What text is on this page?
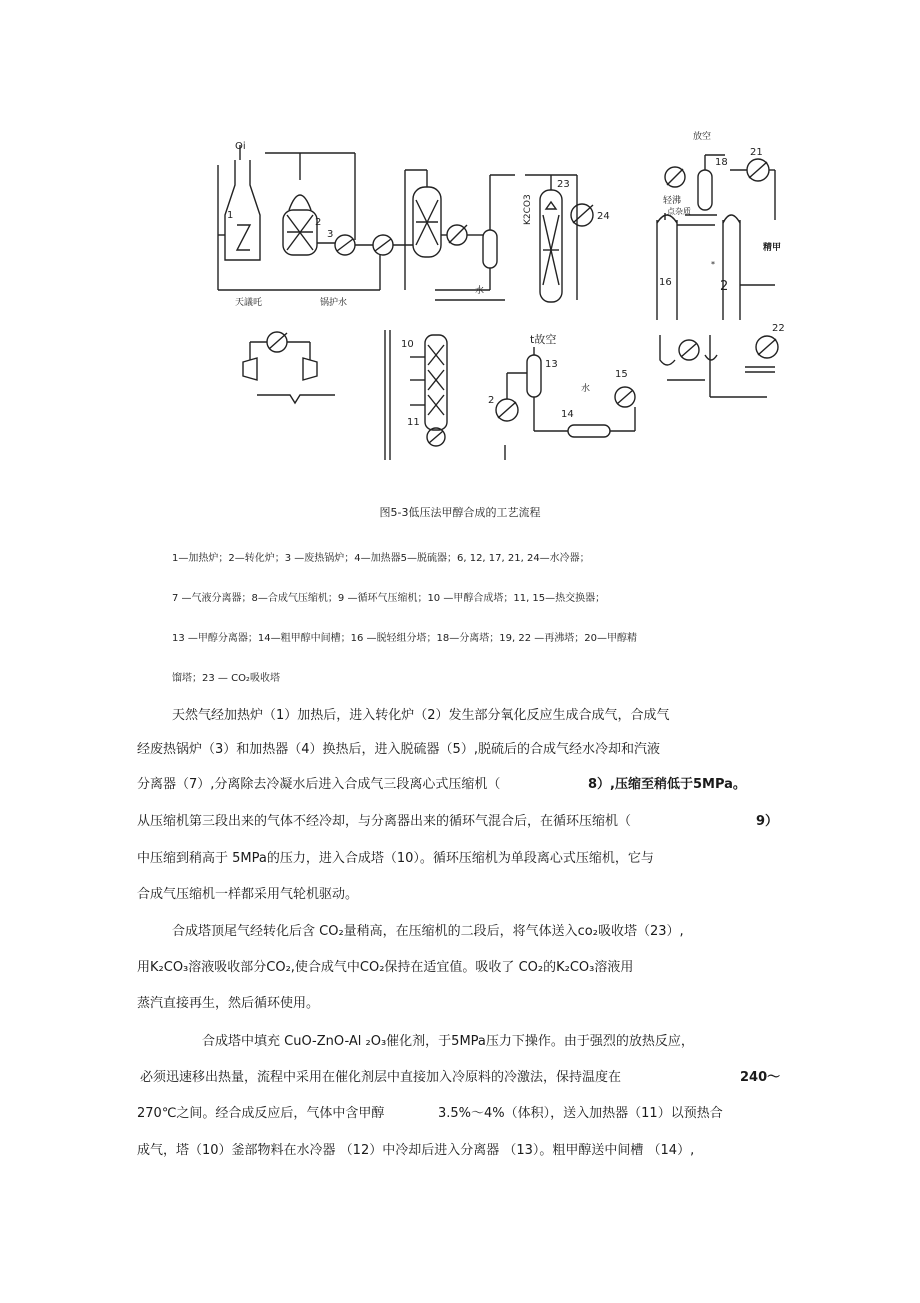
Oi
1
2
3
K2CO3
23
24
放空
18
21
轻沸
点杂质
精甲
16
*
2
天議吒	锅护水
水
22
10
11
t故空
13
2
水
15
14
图5-3低压法甲醇合成的工艺流程
1—加热炉；2—转化炉；3 —废热锅炉；4—加热器5—脱硫器；6, 12, 17, 21, 24—水冷器；
7 —气液分离器；8—合成气压缩机；9 —循环气压缩机；10 —甲醇合成塔；11, 15—热交换器；
13 —甲醇分离器；14—粗甲醇中间槽；16 —脱轻组分塔；18—分离塔；19, 22 —再沸塔；20—甲醇精
馏塔；23 — CO₂吸收塔
天然气经加热炉（1）加热后，进入转化炉（2）发生部分氧化反应生成合成气，合成气
经废热锅炉（3）和加热器（4）换热后，进入脱硫器（5）,脱硫后的合成气经水冷却和汽液
分离器（7）,分离除去冷凝水后进入合成气三段离心式压缩机（	8）,压缩至稍低于5MPa。
从压缩机第三段出来的气体不经冷却，与分离器出来的循环气混合后，在循环压缩机（	9）
中压缩到稍高于 5MPa的压力，进入合成塔（10）。循环压缩机为单段离心式压缩机，它与
合成气压缩机一样都采用气轮机驱动。
合成塔顶尾气经转化后含 CO₂量稍高，在压缩机的二段后，将气体送入co₂吸收塔（23）,
用K₂CO₃溶液吸收部分CO₂,使合成气中CO₂保持在适宜值。吸收了 CO₂的K₂CO₃溶液用
蒸汽直接再生，然后循环使用。
合成塔中填充 CuO-ZnO-Al ₂O₃催化剂，于5MPa压力下操作。由于强烈的放热反应，
必须迅速移出热量，流程中采用在催化剂层中直接加入冷原料的冷激法，保持温度在	240〜
270℃之间。经合成反应后，气体中含甲醇	3.5%〜4%（体积），送入加热器（11）以预热合
成气，塔（10）釜部物料在水冷器 （12）中冷却后进入分离器 （13）。粗甲醇送中间槽 （14）,
